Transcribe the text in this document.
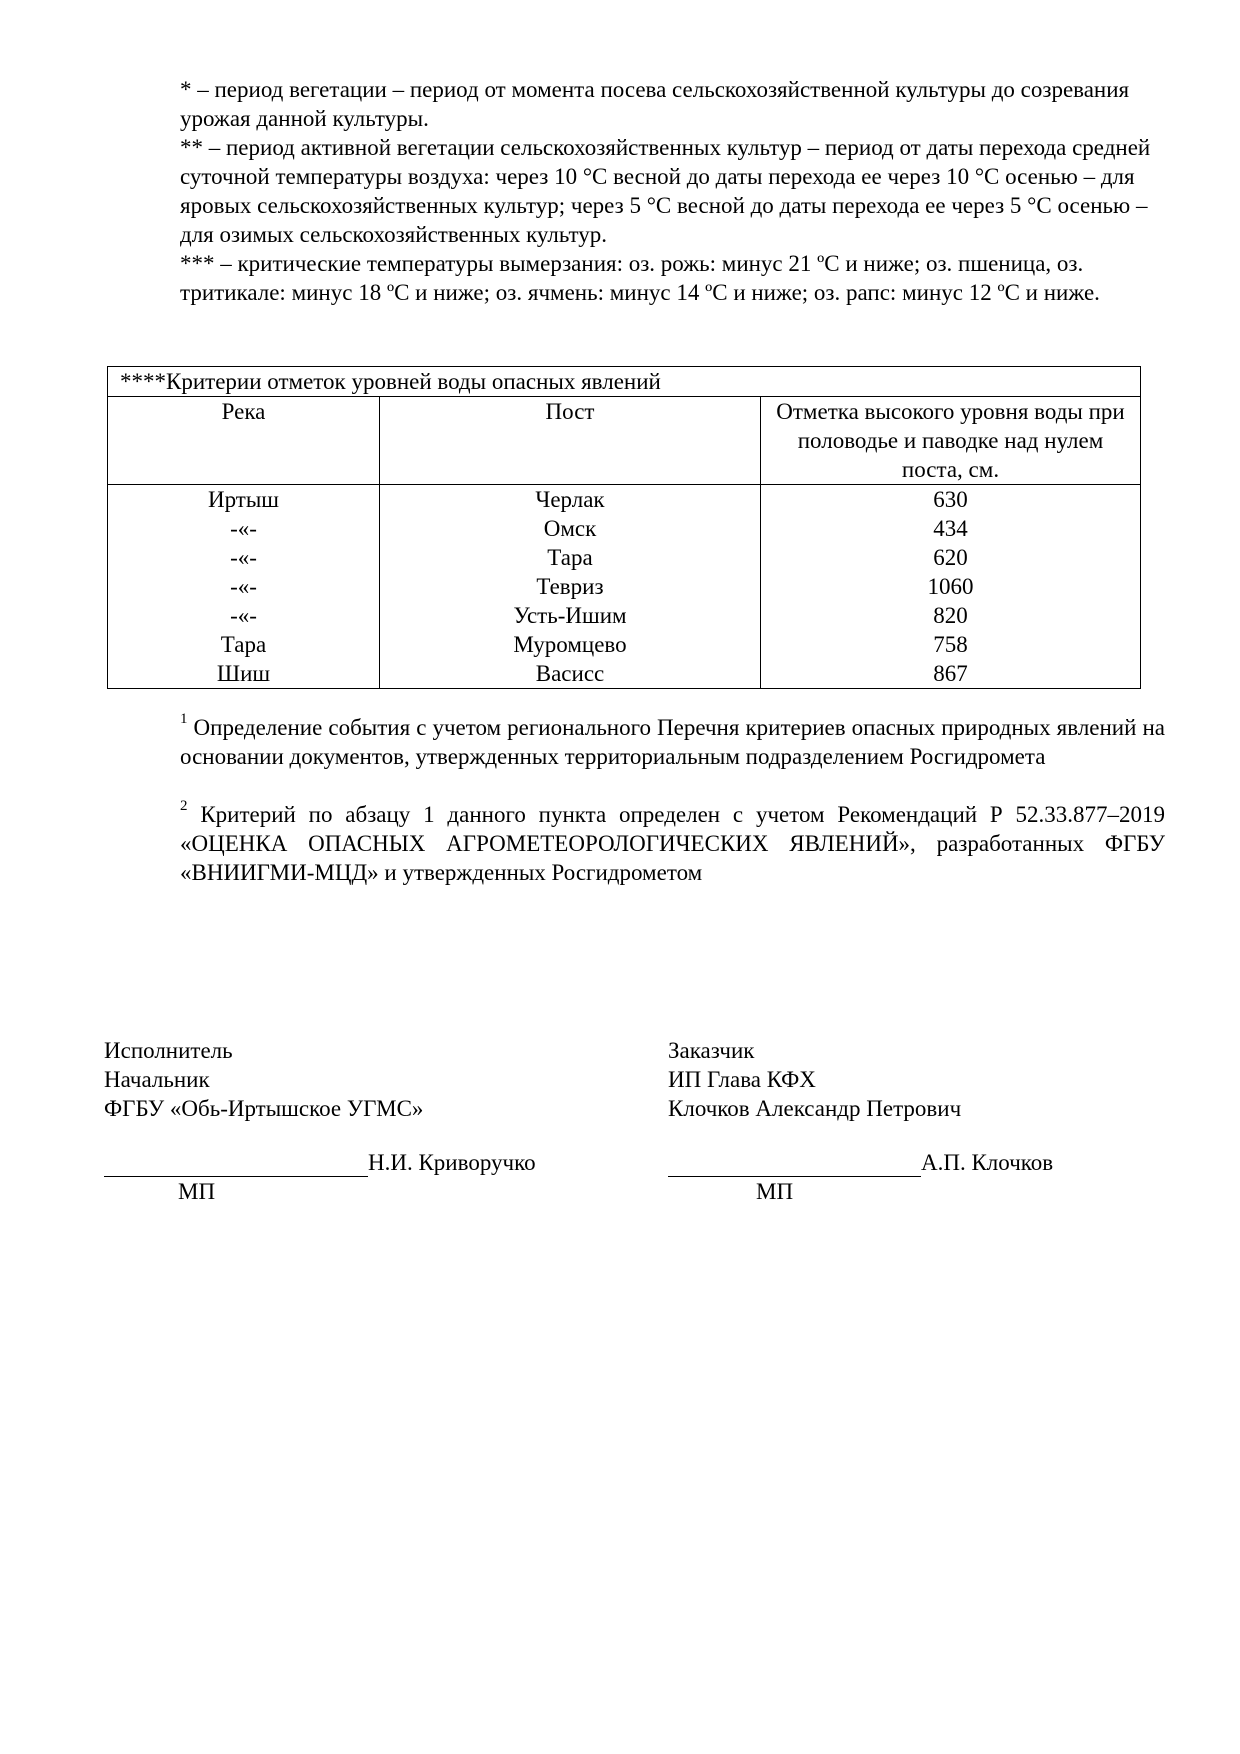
* – период вегетации – период от момента посева сельскохозяйственной культуры до созревания урожая данной культуры.

** – период активной вегетации сельскохозяйственных культур – период от даты перехода средней суточной температуры воздуха: через 10 °С весной до даты перехода ее через 10 °С осенью – для яровых сельскохозяйственных культур; через 5 °С весной до даты перехода ее через 5 °С осенью – для озимых сельскохозяйственных культур.

*** – критические температуры вымерзания: оз. рожь: минус 21 ºС и ниже; оз. пшеница, оз. тритикале: минус 18 ºС и ниже; оз. ячмень: минус 14 ºС и ниже; оз. рапс: минус 12 ºС и ниже.

****Критерии отметок уровней воды опасных явлений		
Река	Пост	Отметка высокого уровня воды при половодье и паводке над нулем поста, см.
Иртыш	Черлак	630
-«-	Омск	434
-«-	Тара	620
-«-	Тевриз	1060
-«-	Усть-Ишим	820
Тара	Муромцево	758
Шиш	Васисс	867

$^1$ Определение события с учетом регионального Перечня критериев опасных природных явлений на основании документов, утвержденных территориальным подразделением Росгидромета

$^2$ Критерий по абзацу 1 данного пункта определен с учетом Рекомендаций Р 52.33.877–2019 «ОЦЕНКА ОПАСНЫХ АГРОМЕТЕОРОЛОГИЧЕСКИХ ЯВЛЕНИЙ», разработанных ФГБУ «ВНИИГМИ-МЦД» и утвержденных Росгидрометом

Исполнитель

Начальник

ФГБУ «Обь-Иртышское УГМС»

Н.И. Криворучко
МП

Заказчик

ИП Глава КФХ

Клочков Александр Петрович

А.П. Клочков
МП
